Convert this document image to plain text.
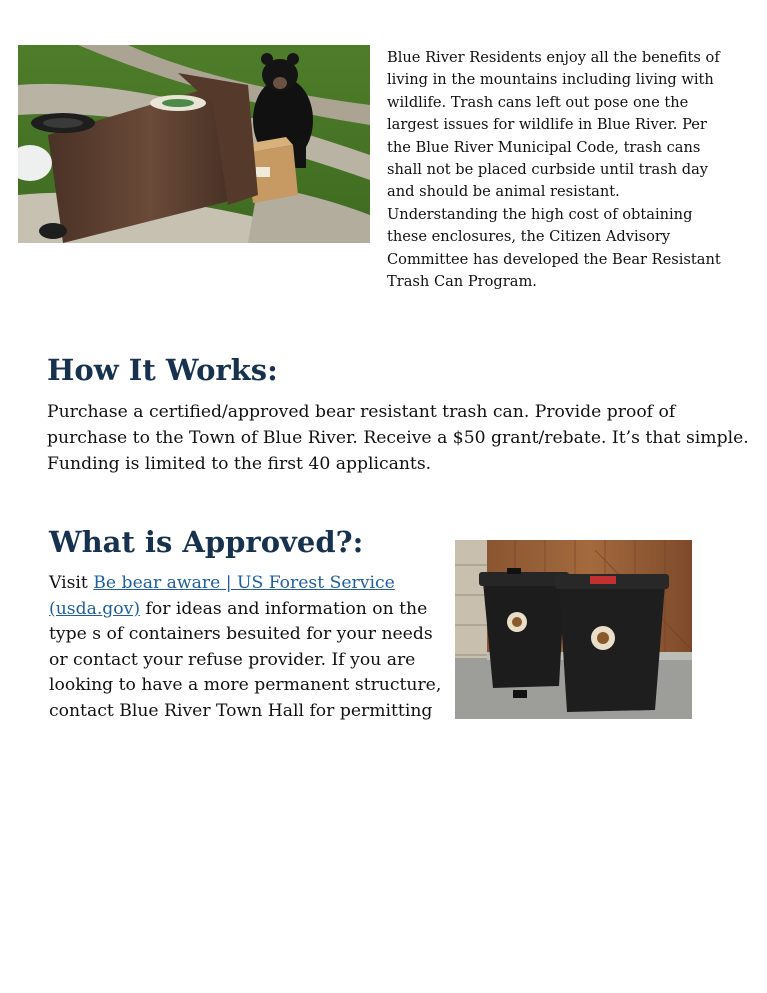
Blue River Residents enjoy all the benefits of living in the mountains including living with wildlife. Trash cans left out pose one the largest issues for wildlife in Blue River. Per the Blue River Municipal Code, trash cans shall not be placed curbside until trash day and should be animal resistant. Understanding the high cost of obtaining these enclosures, the Citizen Advisory Committee has developed the Bear Resistant Trash Can Program.

How It Works:

Purchase a certified/approved bear resistant trash can. Provide proof of purchase to the Town of Blue River. Receive a $50 grant/rebate. It’s that simple. Funding is limited to the first 40 applicants.

What is Approved?:

Visit Be bear aware | US Forest Service (usda.gov) for ideas and information on the type s of containers besuited for your needs or contact your refuse provider. If you are looking to have a more permanent structure, contact Blue River Town Hall for permitting
